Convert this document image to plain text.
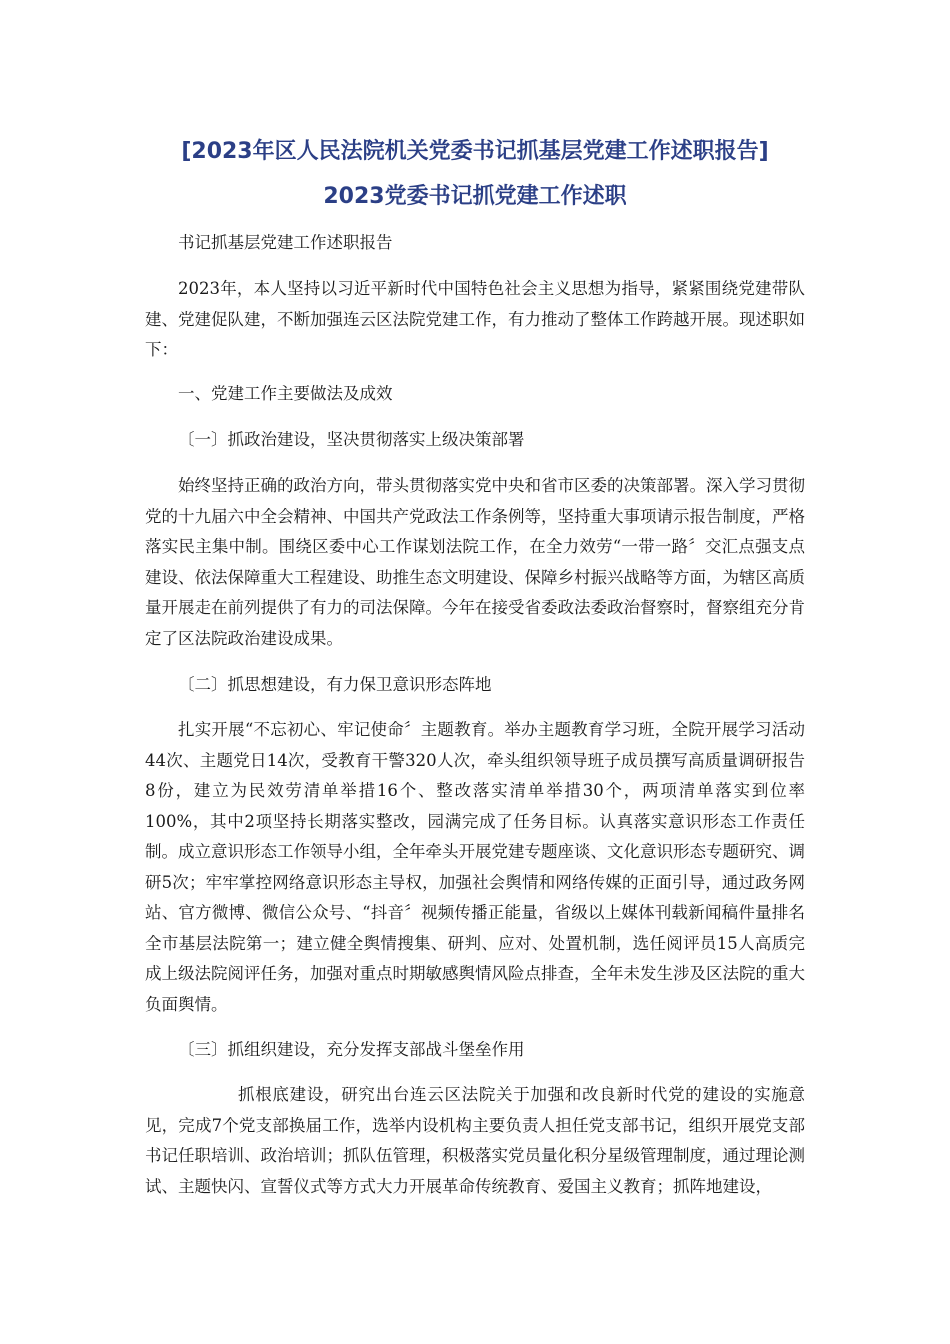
[2023年区人民法院机关党委书记抓基层党建工作述职报告]
2023党委书记抓党建工作述职

书记抓基层党建工作述职报告

2023年，本人坚持以习近平新时代中国特色社会主义思想为指导，紧紧围绕党建带队建、党建促队建，不断加强连云区法院党建工作，有力推动了整体工作跨越开展。现述职如下：

一、党建工作主要做法及成效

〔一〕抓政治建设，坚决贯彻落实上级决策部署

始终坚持正确的政治方向，带头贯彻落实党中央和省市区委的决策部署。深入学习贯彻党的十九届六中全会精神、中国共产党政法工作条例等，坚持重大事项请示报告制度，严格落实民主集中制。围绕区委中心工作谋划法院工作，在全力效劳“一带一路〞交汇点强支点建设、依法保障重大工程建设、助推生态文明建设、保障乡村振兴战略等方面，为辖区高质量开展走在前列提供了有力的司法保障。今年在接受省委政法委政治督察时，督察组充分肯定了区法院政治建设成果。

〔二〕抓思想建设，有力保卫意识形态阵地

扎实开展“不忘初心、牢记使命〞主题教育。举办主题教育学习班，全院开展学习活动44次、主题党日14次，受教育干警320人次，牵头组织领导班子成员撰写高质量调研报告8份，建立为民效劳清单举措16个、整改落实清单举措30个，两项清单落实到位率100%，其中2项坚持长期落实整改，园满完成了任务目标。认真落实意识形态工作责任制。成立意识形态工作领导小组，全年牵头开展党建专题座谈、文化意识形态专题研究、调研5次；牢牢掌控网络意识形态主导权，加强社会舆情和网络传媒的正面引导，通过政务网站、官方微博、微信公众号、“抖音〞视频传播正能量，省级以上媒体刊载新闻稿件量排名全市基层法院第一；建立健全舆情搜集、研判、应对、处置机制，选任阅评员15人高质完成上级法院阅评任务，加强对重点时期敏感舆情风险点排查，全年未发生涉及区法院的重大负面舆情。

〔三〕抓组织建设，充分发挥支部战斗堡垒作用

抓根底建设，研究出台连云区法院关于加强和改良新时代党的建设的实施意见，完成7个党支部换届工作，选举内设机构主要负责人担任党支部书记，组织开展党支部书记任职培训、政治培训；抓队伍管理，积极落实党员量化积分星级管理制度，通过理论测试、主题快闪、宣誓仪式等方式大力开展革命传统教育、爱国主义教育；抓阵地建设，
